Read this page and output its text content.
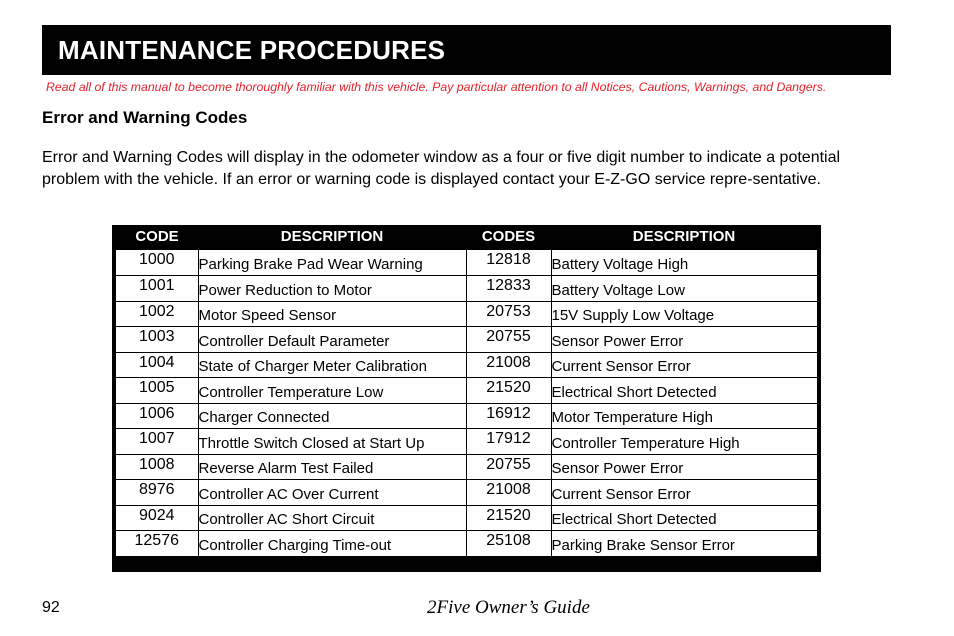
MAINTENANCE PROCEDURES
Read all of this manual to become thoroughly familiar with this vehicle. Pay particular attention to all Notices, Cautions, Warnings, and Dangers.
Error and Warning Codes
Error and Warning Codes will display in the odometer window as a four or five digit number to indicate a potential problem with the vehicle. If an error or warning code is displayed contact your E-Z-GO service repre-sentative.
CODE	DESCRIPTION	CODES	DESCRIPTION
1000	Parking Brake Pad Wear Warning	12818	Battery Voltage High
1001	Power Reduction to Motor	12833	Battery Voltage Low
1002	Motor Speed Sensor	20753	15V Supply Low Voltage
1003	Controller Default Parameter	20755	Sensor Power Error
1004	State of Charger Meter Calibration	21008	Current Sensor Error
1005	Controller Temperature Low	21520	Electrical Short Detected
1006	Charger Connected	16912	Motor Temperature High
1007	Throttle Switch Closed at Start Up	17912	Controller Temperature High
1008	Reverse Alarm Test Failed	20755	Sensor Power Error
8976	Controller AC Over Current	21008	Current Sensor Error
9024	Controller AC Short Circuit	21520	Electrical Short Detected
12576	Controller Charging Time-out	25108	Parking Brake Sensor Error
92	2Five Owner’s Guide
